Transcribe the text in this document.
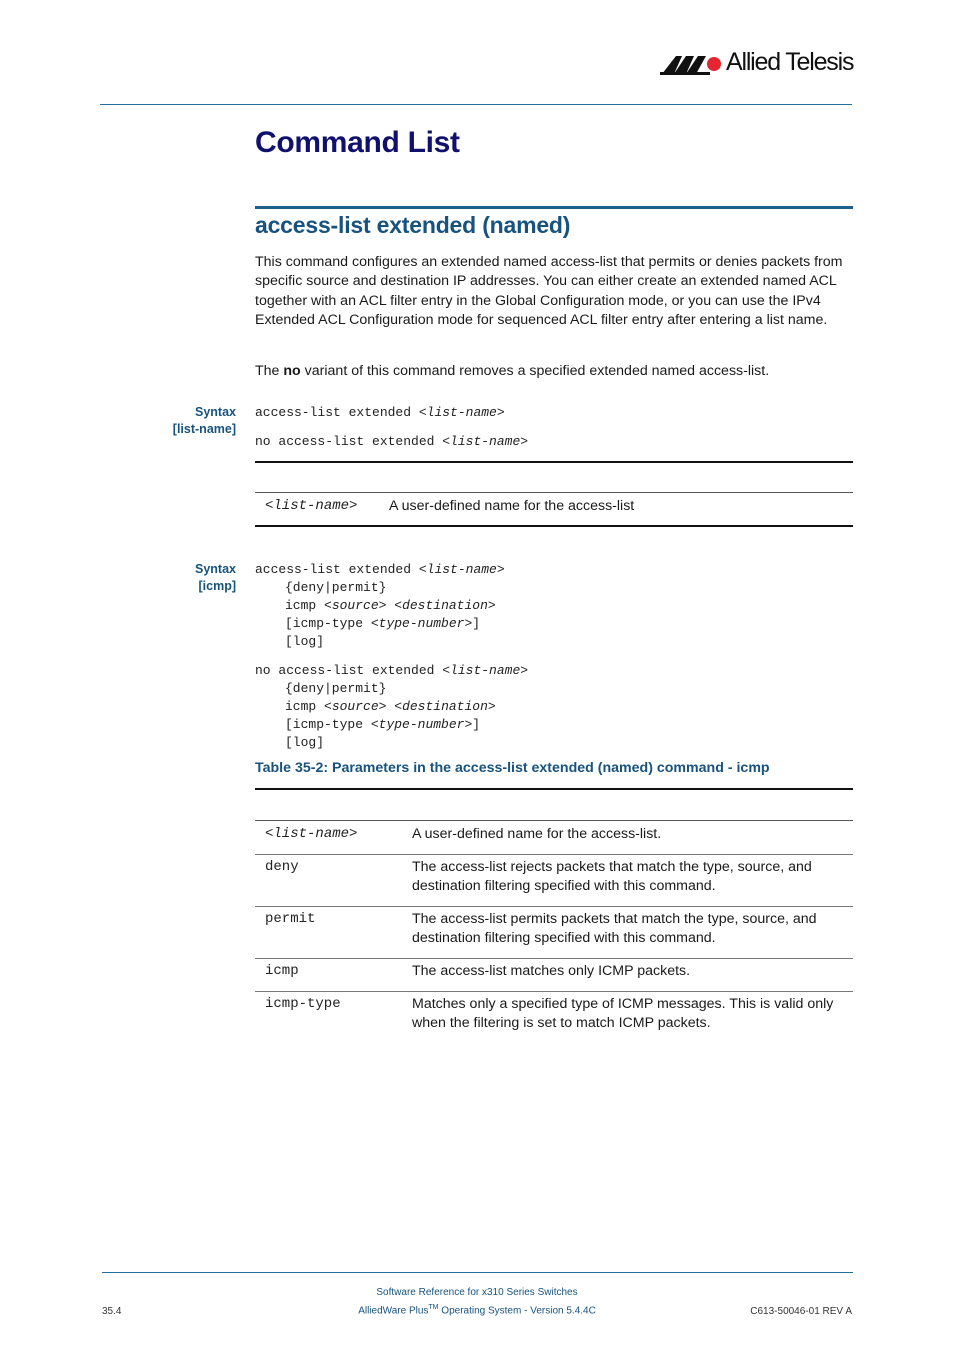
Allied Telesis
Command List
access-list extended (named)
This command configures an extended named access-list that permits or denies packets from specific source and destination IP addresses. You can either create an extended named ACL together with an ACL filter entry in the Global Configuration mode, or you can use the IPv4 Extended ACL Configuration mode for sequenced ACL filter entry after entering a list name.
The no variant of this command removes a specified extended named access-list.
Syntax
[list-name]
access-list extended <list-name>
no access-list extended <list-name>
<list-name> A user-defined name for the access-list
Syntax
[icmp]
access-list extended <list-name>
{deny|permit}
icmp <source> <destination>
[icmp-type <type-number>]
[log]
no access-list extended <list-name>
{deny|permit}
icmp <source> <destination>
[icmp-type <type-number>]
[log]
Table 35-2: Parameters in the access-list extended (named) command - icmp
<list-name>	A user-defined name for the access-list.
deny	The access-list rejects packets that match the type, source, and destination filtering specified with this command.
permit	The access-list permits packets that match the type, source, and destination filtering specified with this command.
icmp	The access-list matches only ICMP packets.
icmp-type	Matches only a specified type of ICMP messages. This is valid only when the filtering is set to match ICMP packets.
Software Reference for x310 Series Switches
AlliedWare Plus™ Operating System - Version 5.4.4C
35.4	C613-50046-01 REV A
